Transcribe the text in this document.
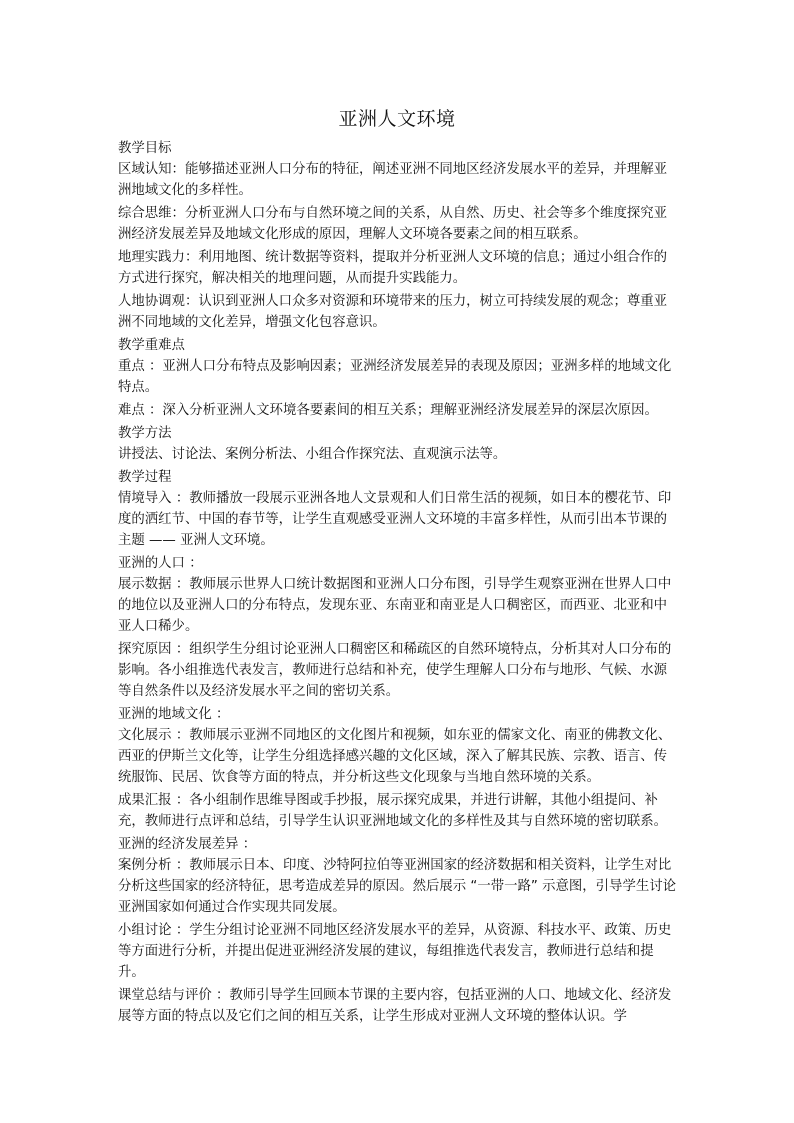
亚洲人文环境

教学目标

区域认知：能够描述亚洲人口分布的特征，阐述亚洲不同地区经济发展水平的差异，并理解亚洲地域文化的多样性。

综合思维：分析亚洲人口分布与自然环境之间的关系，从自然、历史、社会等多个维度探究亚洲经济发展差异及地域文化形成的原因，理解人文环境各要素之间的相互联系。

地理实践力：利用地图、统计数据等资料，提取并分析亚洲人文环境的信息；通过小组合作的方式进行探究，解决相关的地理问题，从而提升实践能力。

人地协调观：认识到亚洲人口众多对资源和环境带来的压力，树立可持续发展的观念；尊重亚洲不同地域的文化差异，增强文化包容意识。

教学重难点

重点 ：亚洲人口分布特点及影响因素；亚洲经济发展差异的表现及原因；亚洲多样的地域文化特点。

难点 ：深入分析亚洲人文环境各要素间的相互关系；理解亚洲经济发展差异的深层次原因。

教学方法

讲授法、讨论法、案例分析法、小组合作探究法、直观演示法等。

教学过程

情境导入 ：教师播放一段展示亚洲各地人文景观和人们日常生活的视频，如日本的樱花节、印度的洒红节、中国的春节等，让学生直观感受亚洲人文环境的丰富多样性，从而引出本节课的主题 —— 亚洲人文环境。

亚洲的人口 ：

展示数据 ：教师展示世界人口统计数据图和亚洲人口分布图，引导学生观察亚洲在世界人口中的地位以及亚洲人口的分布特点，发现东亚、东南亚和南亚是人口稠密区，而西亚、北亚和中亚人口稀少。

探究原因 ：组织学生分组讨论亚洲人口稠密区和稀疏区的自然环境特点，分析其对人口分布的影响。各小组推选代表发言，教师进行总结和补充，使学生理解人口分布与地形、气候、水源等自然条件以及经济发展水平之间的密切关系。

亚洲的地域文化 ：

文化展示 ：教师展示亚洲不同地区的文化图片和视频，如东亚的儒家文化、南亚的佛教文化、西亚的伊斯兰文化等，让学生分组选择感兴趣的文化区域，深入了解其民族、宗教、语言、传统服饰、民居、饮食等方面的特点，并分析这些文化现象与当地自然环境的关系。

成果汇报 ：各小组制作思维导图或手抄报，展示探究成果，并进行讲解，其他小组提问、补充，教师进行点评和总结，引导学生认识亚洲地域文化的多样性及其与自然环境的密切联系。

亚洲的经济发展差异 ：

案例分析 ：教师展示日本、印度、沙特阿拉伯等亚洲国家的经济数据和相关资料，让学生对比分析这些国家的经济特征，思考造成差异的原因。然后展示 “一带一路” 示意图，引导学生讨论亚洲国家如何通过合作实现共同发展。

小组讨论 ：学生分组讨论亚洲不同地区经济发展水平的差异，从资源、科技水平、政策、历史等方面进行分析，并提出促进亚洲经济发展的建议，每组推选代表发言，教师进行总结和提升。

课堂总结与评价 ：教师引导学生回顾本节课的主要内容，包括亚洲的人口、地域文化、经济发展等方面的特点以及它们之间的相互关系，让学生形成对亚洲人文环境的整体认识。学
